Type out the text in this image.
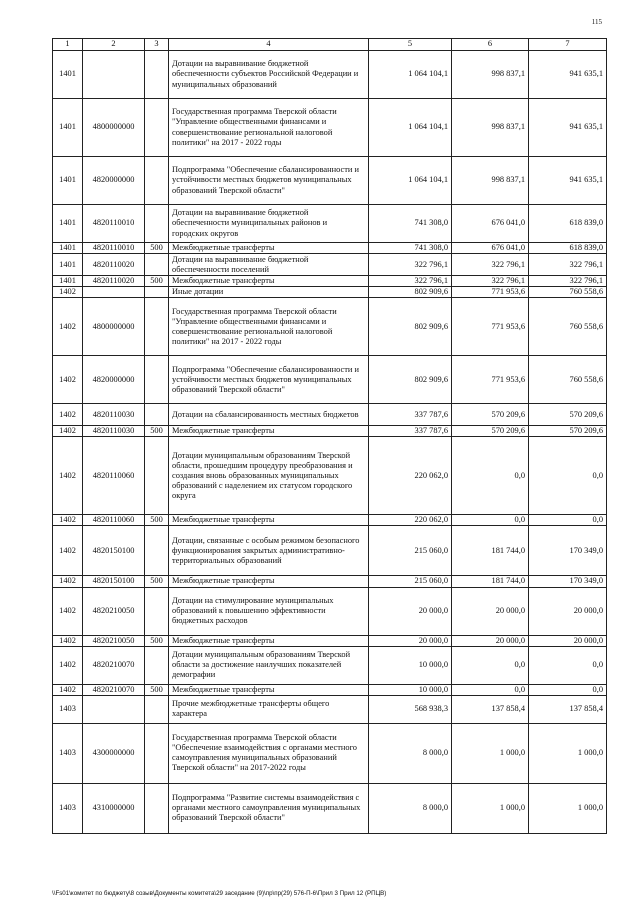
115
1	2	3	4	5	6	7
1401			Дотации на выравнивание бюджетной обеспеченности субъектов Российской Федерации и муниципальных образований	1 064 104,1	998 837,1	941 635,1
1401	4800000000		Государственная программа Тверской области "Управление общественными финансами и совершенствование региональной налоговой политики" на 2017 - 2022 годы	1 064 104,1	998 837,1	941 635,1
1401	4820000000		Подпрограмма "Обеспечение сбалансированности и устойчивости местных бюджетов муниципальных образований Тверской области"	1 064 104,1	998 837,1	941 635,1
1401	4820110010		Дотации на выравнивание бюджетной обеспеченности муниципальных районов и городских округов	741 308,0	676 041,0	618 839,0
1401	4820110010	500	Межбюджетные трансферты	741 308,0	676 041,0	618 839,0
1401	4820110020		Дотации на выравнивание бюджетной обеспеченности поселений	322 796,1	322 796,1	322 796,1
1401	4820110020	500	Межбюджетные трансферты	322 796,1	322 796,1	322 796,1
1402			Иные дотации	802 909,6	771 953,6	760 558,6
1402	4800000000		Государственная программа Тверской области "Управление общественными финансами и совершенствование региональной налоговой политики" на 2017 - 2022 годы	802 909,6	771 953,6	760 558,6
1402	4820000000		Подпрограмма "Обеспечение сбалансированности и устойчивости местных бюджетов муниципальных образований Тверской области"	802 909,6	771 953,6	760 558,6
1402	4820110030		Дотации на сбалансированность местных бюджетов	337 787,6	570 209,6	570 209,6
1402	4820110030	500	Межбюджетные трансферты	337 787,6	570 209,6	570 209,6
1402	4820110060		Дотации муниципальным образованиям Тверской области, прошедшим процедуру преобразования и создания вновь образованных муниципальных образований с наделением их статусом городского округа	220 062,0	0,0	0,0
1402	4820110060	500	Межбюджетные трансферты	220 062,0	0,0	0,0
1402	4820150100		Дотации, связанные с особым режимом безопасного функционирования закрытых административно-территориальных образований	215 060,0	181 744,0	170 349,0
1402	4820150100	500	Межбюджетные трансферты	215 060,0	181 744,0	170 349,0
1402	4820210050		Дотации на стимулирование муниципальных образований к повышению эффективности бюджетных расходов	20 000,0	20 000,0	20 000,0
1402	4820210050	500	Межбюджетные трансферты	20 000,0	20 000,0	20 000,0
1402	4820210070		Дотации муниципальным образованиям Тверской области за достижение наилучших показателей демографии	10 000,0	0,0	0,0
1402	4820210070	500	Межбюджетные трансферты	10 000,0	0,0	0,0
1403			Прочие межбюджетные трансферты общего характера	568 938,3	137 858,4	137 858,4
1403	4300000000		Государственная программа Тверской области "Обеспечение взаимодействия с органами местного самоуправления муниципальных образований Тверской области" на 2017-2022 годы	8 000,0	1 000,0	1 000,0
1403	4310000000		Подпрограмма "Развитие системы взаимодействия с органами местного самоуправления муниципальных образований Тверской области"	8 000,0	1 000,0	1 000,0
\\Fs01\комитет по бюджету\8 созыв\Документы комитета\29 заседание (9)\пр\пр(29) 576-П-6\Прил 3 Прил 12 (РПЦВ)
